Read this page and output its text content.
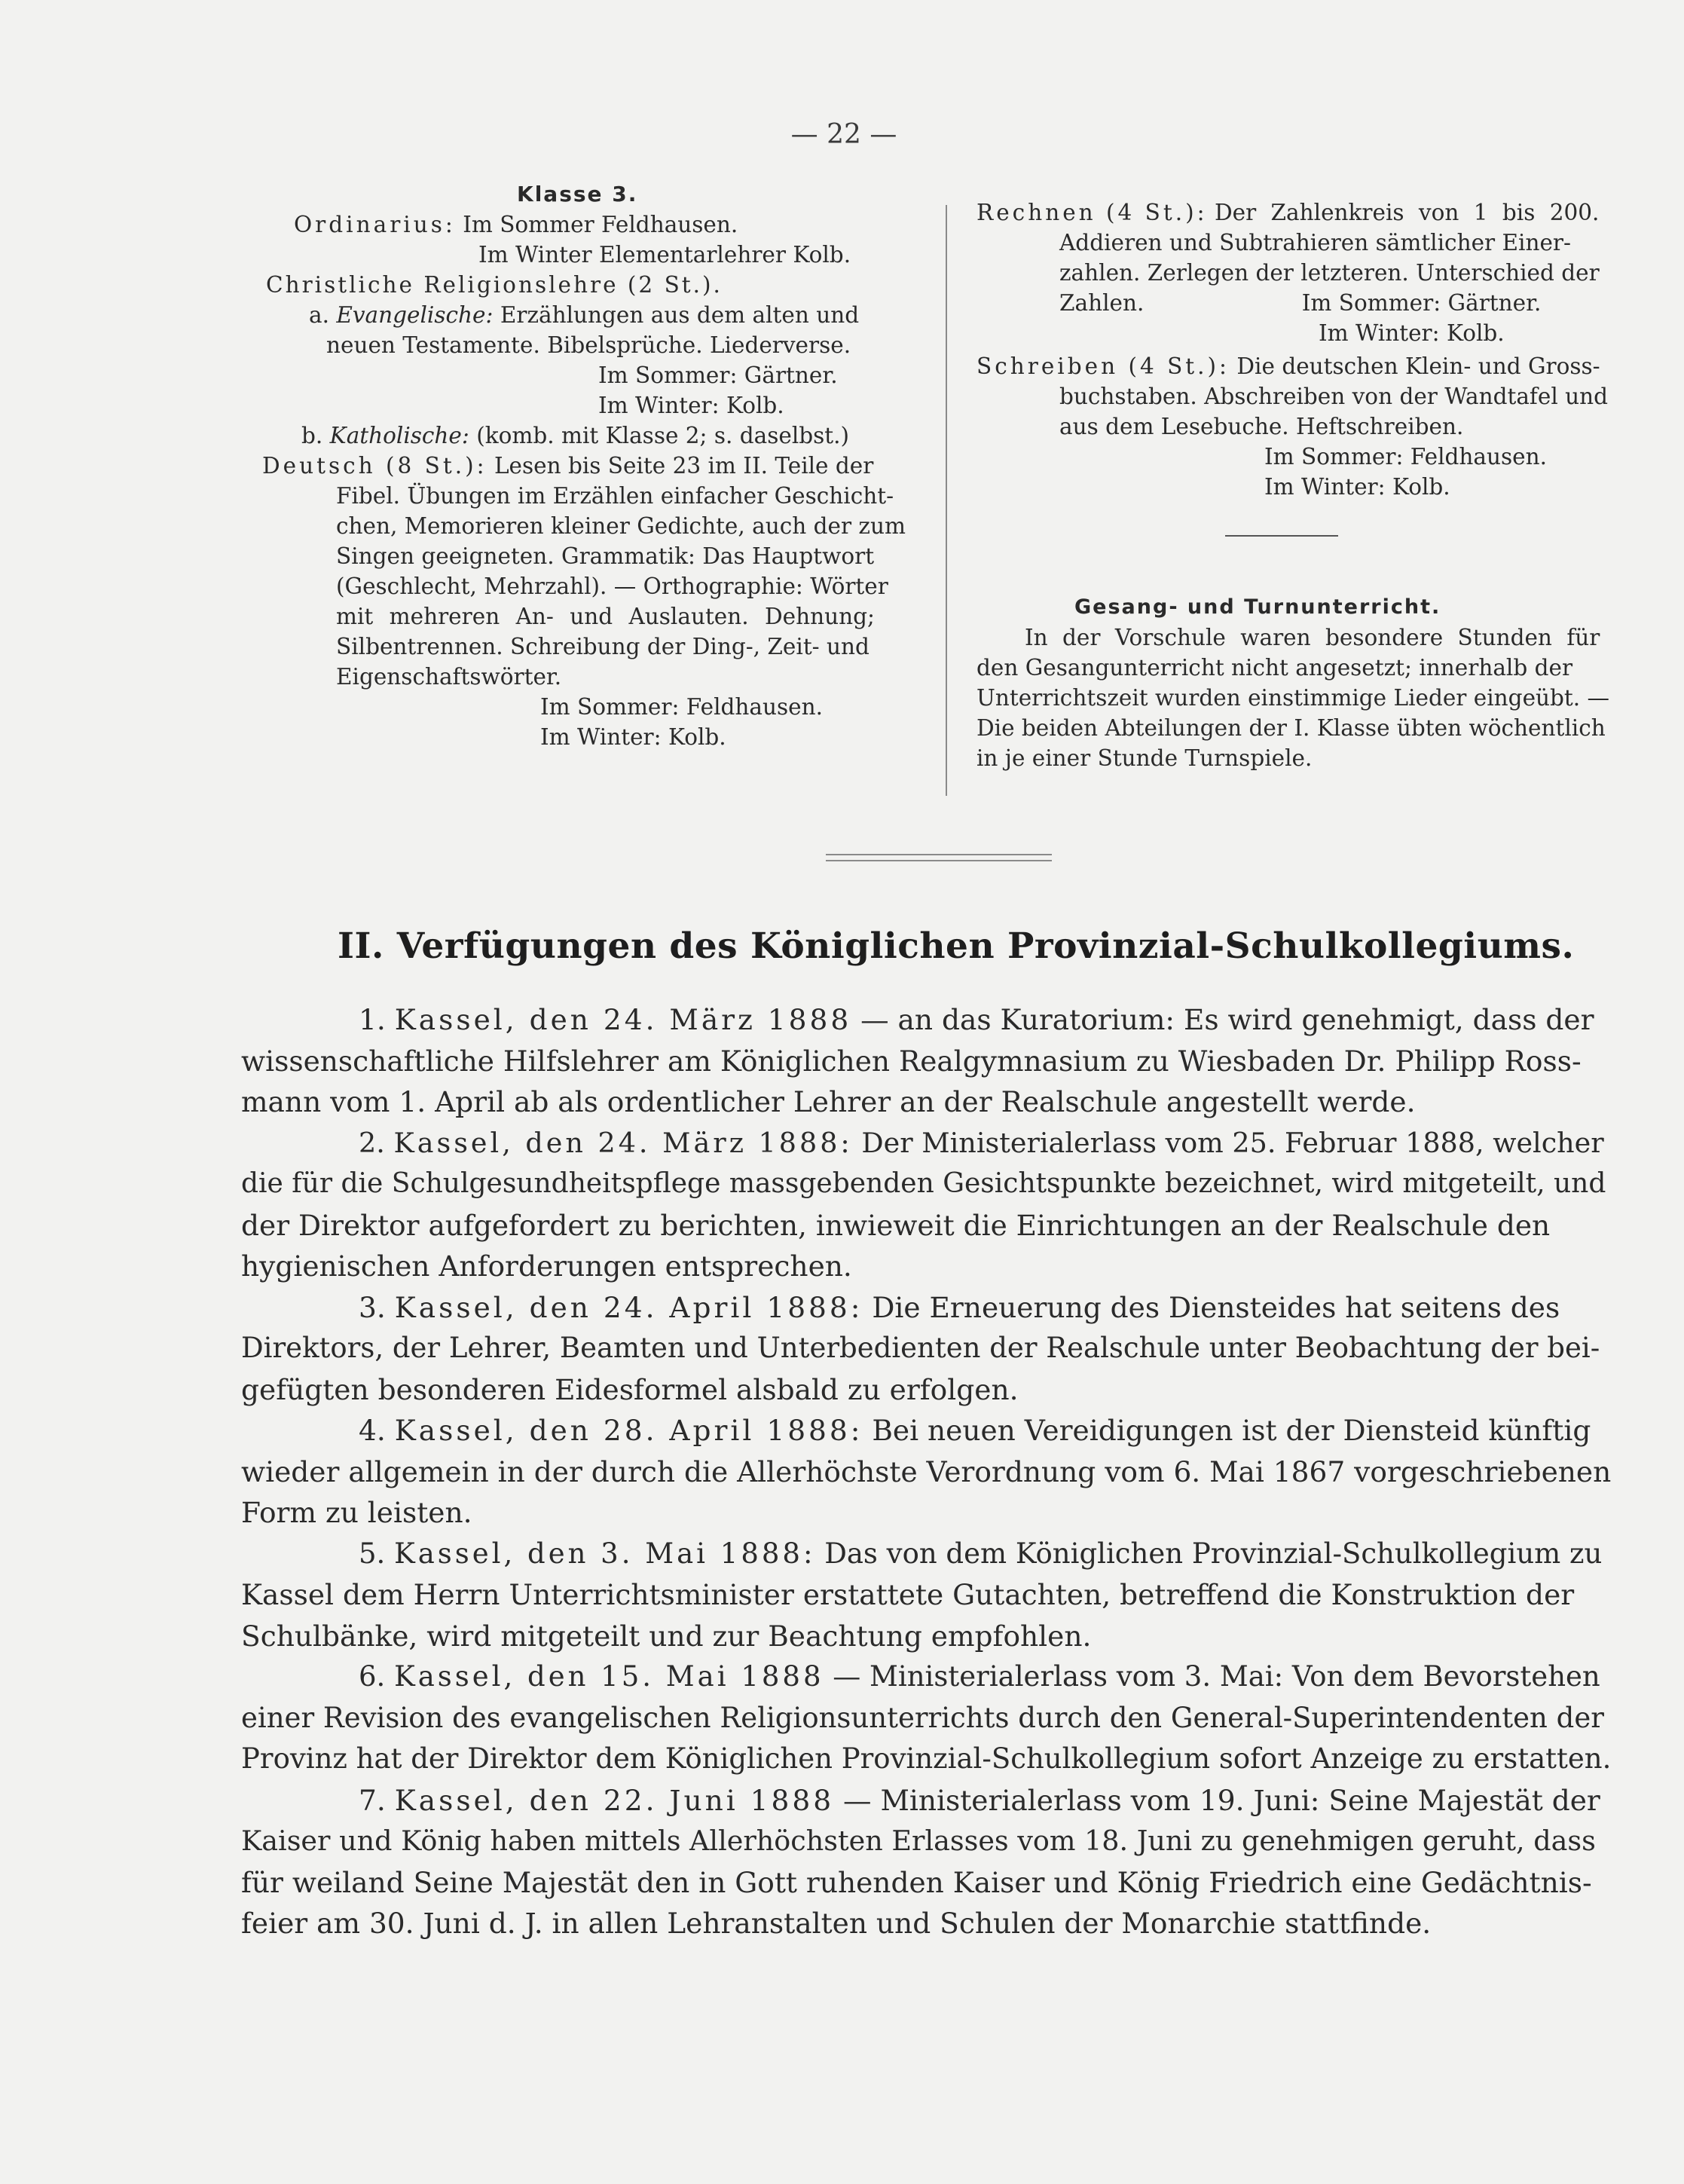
— 22 —
Klasse 3.
Ordinarius: Im Sommer Feldhausen.
Im Winter Elementarlehrer Kolb.
Christliche Religionslehre (2 St.).
a. Evangelische: Erzählungen aus dem alten und
neuen Testamente. Bibelsprüche. Liederverse.
Im Sommer: Gärtner.
Im Winter: Kolb.
b. Katholische: (komb. mit Klasse 2; s. daselbst.)
Deutsch (8 St.): Lesen bis Seite 23 im II. Teile der
Fibel. Übungen im Erzählen einfacher Geschicht-
chen, Memorieren kleiner Gedichte, auch der zum
Singen geeigneten. Grammatik: Das Hauptwort
(Geschlecht, Mehrzahl). — Orthographie: Wörter
mit mehreren An- und Auslauten. Dehnung;
Silbentrennen. Schreibung der Ding-, Zeit- und
Eigenschaftswörter.
Im Sommer: Feldhausen.
Im Winter: Kolb.
Rechnen (4 St.): Der Zahlenkreis von 1 bis 200.
Addieren und Subtrahieren sämtlicher Einer-
zahlen. Zerlegen der letzteren. Unterschied der
Zahlen.	Im Sommer: Gärtner.
Im Winter: Kolb.
Schreiben (4 St.): Die deutschen Klein- und Gross-
buchstaben. Abschreiben von der Wandtafel und
aus dem Lesebuche. Heftschreiben.
Im Sommer: Feldhausen.
Im Winter: Kolb.
Gesang- und Turnunterricht.
In der Vorschule waren besondere Stunden für
den Gesangunterricht nicht angesetzt; innerhalb der
Unterrichtszeit wurden einstimmige Lieder eingeübt. —
Die beiden Abteilungen der I. Klasse übten wöchentlich
in je einer Stunde Turnspiele.
II. Verfügungen des Königlichen Provinzial-Schulkollegiums.
1. Kassel, den 24. März 1888 — an das Kuratorium: Es wird genehmigt, dass der
wissenschaftliche Hilfslehrer am Königlichen Realgymnasium zu Wiesbaden Dr. Philipp Ross-
mann vom 1. April ab als ordentlicher Lehrer an der Realschule angestellt werde.
2. Kassel, den 24. März 1888: Der Ministerialerlass vom 25. Februar 1888, welcher
die für die Schulgesundheitspflege massgebenden Gesichtspunkte bezeichnet, wird mitgeteilt, und
der Direktor aufgefordert zu berichten, inwieweit die Einrichtungen an der Realschule den
hygienischen Anforderungen entsprechen.
3. Kassel, den 24. April 1888: Die Erneuerung des Diensteides hat seitens des
Direktors, der Lehrer, Beamten und Unterbedienten der Realschule unter Beobachtung der bei-
gefügten besonderen Eidesformel alsbald zu erfolgen.
4. Kassel, den 28. April 1888: Bei neuen Vereidigungen ist der Diensteid künftig
wieder allgemein in der durch die Allerhöchste Verordnung vom 6. Mai 1867 vorgeschriebenen
Form zu leisten.
5. Kassel, den 3. Mai 1888: Das von dem Königlichen Provinzial-Schulkollegium zu
Kassel dem Herrn Unterrichtsminister erstattete Gutachten, betreffend die Konstruktion der
Schulbänke, wird mitgeteilt und zur Beachtung empfohlen.
6. Kassel, den 15. Mai 1888 — Ministerialerlass vom 3. Mai: Von dem Bevorstehen
einer Revision des evangelischen Religionsunterrichts durch den General-Superintendenten der
Provinz hat der Direktor dem Königlichen Provinzial-Schulkollegium sofort Anzeige zu erstatten.
7. Kassel, den 22. Juni 1888 — Ministerialerlass vom 19. Juni: Seine Majestät der
Kaiser und König haben mittels Allerhöchsten Erlasses vom 18. Juni zu genehmigen geruht, dass
für weiland Seine Majestät den in Gott ruhenden Kaiser und König Friedrich eine Gedächtnis-
feier am 30. Juni d. J. in allen Lehranstalten und Schulen der Monarchie stattfinde.
